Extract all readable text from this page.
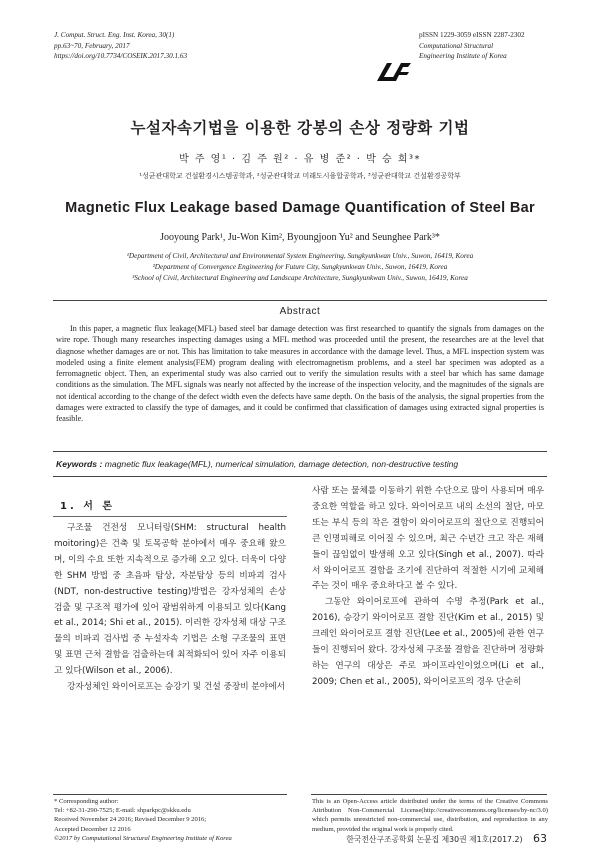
J. Comput. Struct. Eng. Inst. Korea, 30(1)
pp.63~70, February, 2017
https://doi.org/10.7734/COSEIK.2017.30.1.63
pISSN 1229-3059 eISSN 2287-2302
Computational Structural
Engineering Institute of Korea
누설자속기법을 이용한 강봉의 손상 정량화 기법
박 주 영¹ · 김 주 원² · 유 병 준² · 박 승 희³*
¹성균관대학교 건설환경시스템공학과, ²성균관대학교 미래도시융합공학과, ³성균관대학교 건설환경공학부
Magnetic Flux Leakage based Damage Quantification of Steel Bar
Jooyoung Park¹, Ju-Won Kim², Byoungjoon Yu² and Seunghee Park³*
¹Department of Civil, Architectural and Environmental System Engineering, Sungkyunkwan Univ., Suwon, 16419, Korea
²Department of Convergence Engineering for Future City, Sungkyunkwan Univ., Suwon, 16419, Korea
³School of Civil, Architectural Engineering and Landscape Architecture, Sungkyunkwan Univ., Suwon, 16419, Korea
Abstract
In this paper, a magnetic flux leakage(MFL) based steel bar damage detection was first researched to quantify the signals from damages on the wire rope. Though many researches inspecting damages using a MFL method was proceeded until the present, the researches are at the level that diagnose whether damages are or not. This has limitation to take measures in accordance with the damage level. Thus, a MFL inspection system was modeled using a finite element analysis(FEM) program dealing with electromagnetism problems, and a steel bar specimen was adopted as a ferromagnetic object. Then, an experimental study was also carried out to verify the simulation results with a steel bar which has same damage conditions as the simulation. The MFL signals was nearly not affected by the increase of the inspection velocity, and the magnitudes of the signals are not identical according to the change of the defect width even the defects have same depth. On the basis of the analysis, the signal properties from the damages were extracted to classify the type of damages, and it could be confirmed that classification of damages using extracted signal properties is feasible.
Keywords : magnetic flux leakage(MFL), numerical simulation, damage detection, non-destructive testing
1. 서 론

구조물 건전성 모니터링(SHM: structural health moitoring)은 건축 및 토목공학 분야에서 매우 중요해 왔으며, 이의 수요 또한 지속적으로 증가해 오고 있다. 더욱이 다양한 SHM 방법 중 초음파 탐상, 자분탐상 등의 비파괴 검사(NDT, non-destructive testing)방법은 강자성체의 손상 검출 및 구조적 평가에 있어 광범위하게 이용되고 있다(Kang et al., 2014; Shi et al., 2015). 이러한 강자성체 대상 구조물의 비파괴 검사법 중 누설자속 기법은 소형 구조물의 표면 및 표면 근처 결함을 검출하는데 최적화되어 있어 자주 이용되고 있다(Wilson et al., 2006).

강자성체인 와이어로프는 승강기 및 건설 중장비 분야에서

사람 또는 물체를 이동하기 위한 수단으로 많이 사용되며 매우 중요한 역할을 하고 있다. 와이어로프 내의 소선의 절단, 마모 또는 부식 등의 작은 결함이 와이어로프의 절단으로 진행되어 큰 인명피해로 이어질 수 있으며, 최근 수년간 크고 작은 재해들이 끊임없이 발생해 오고 있다(Singh et al., 2007). 따라서 와이어로프 결함을 조기에 진단하여 적절한 시기에 교체해 주는 것이 매우 중요하다고 볼 수 있다.

그동안 와이어로프에 관하여 수명 추정(Park et al., 2016), 승강기 와이어로프 결함 진단(Kim et al., 2015) 및 크레인 와이어로프 결함 진단(Lee et al., 2005)에 관한 연구들이 진행되어 왔다. 강자성체 구조물 결함을 진단하며 정량화하는 연구의 대상은 주로 파이프라인이었으며(Li et al., 2009; Chen et al., 2005), 와이어로프의 경우 단순히

* Corresponding author:
Tel: +82-31-290-7525; E-mail: shparkpc@skku.edu
Received November 24 2016; Revised December 9 2016;
Accepted December 12 2016
©2017 by Computational Structural Engineering Institute of Korea
This is an Open-Access article distributed under the terms of the Creative Commons Attribution Non-Commercial License(http://creativecommons.org/licenses/by-nc/3.0) which permits unrestricted non-commercial use, distribution, and reproduction in any medium, provided the original work is properly cited.
한국전산구조공학회 논문집 제30권 제1호(2017.2) 63
